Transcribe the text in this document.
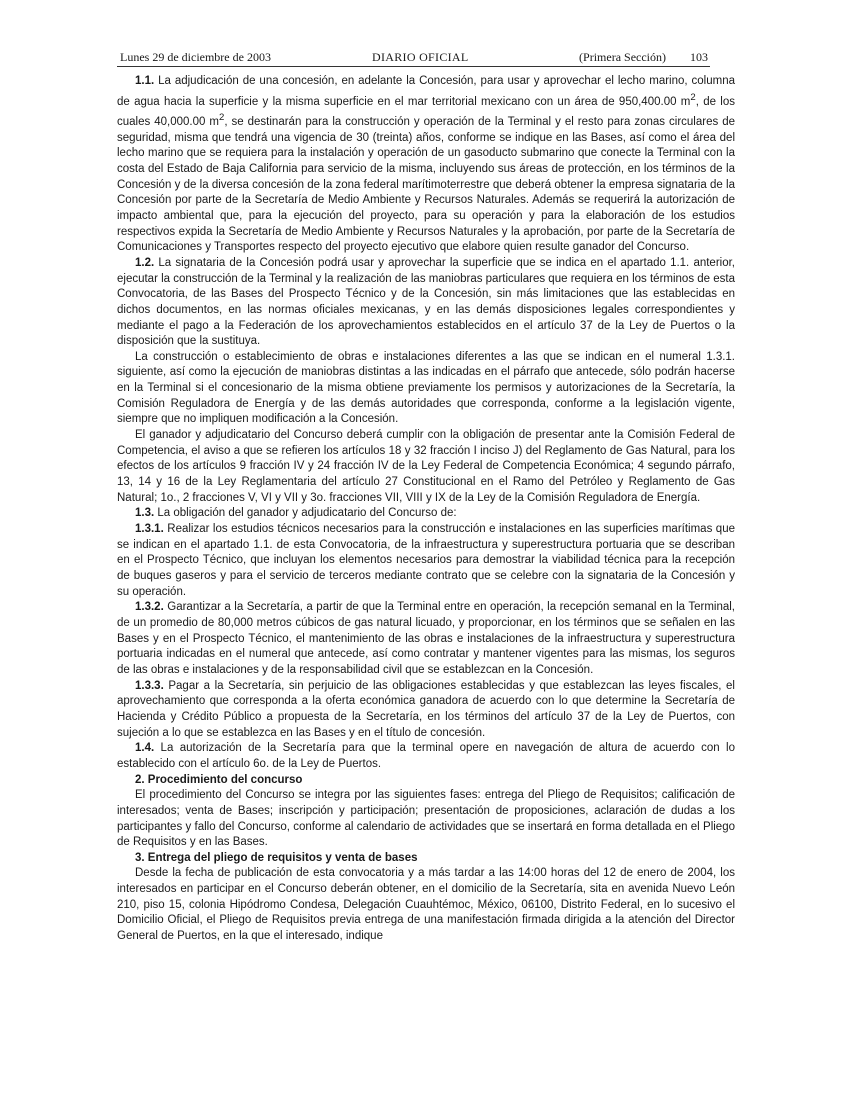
Lunes 29 de diciembre de 2003	DIARIO OFICIAL	(Primera Sección) 103

1.1. La adjudicación de una concesión, en adelante la Concesión, para usar y aprovechar el lecho marino, columna de agua hacia la superficie y la misma superficie en el mar territorial mexicano con un área de 950,400.00 $m^2$, de los cuales 40,000.00 $m^2$, se destinarán para la construcción y operación de la Terminal y el resto para zonas circulares de seguridad, misma que tendrá una vigencia de 30 (treinta) años, conforme se indique en las Bases, así como el área del lecho marino que se requiera para la instalación y operación de un gasoducto submarino que conecte la Terminal con la costa del Estado de Baja California para servicio de la misma, incluyendo sus áreas de protección, en los términos de la Concesión y de la diversa concesión de la zona federal marítimoterrestre que deberá obtener la empresa signataria de la Concesión por parte de la Secretaría de Medio Ambiente y Recursos Naturales. Además se requerirá la autorización de impacto ambiental que, para la ejecución del proyecto, para su operación y para la elaboración de los estudios respectivos expida la Secretaría de Medio Ambiente y Recursos Naturales y la aprobación, por parte de la Secretaría de Comunicaciones y Transportes respecto del proyecto ejecutivo que elabore quien resulte ganador del Concurso.

1.2. La signataria de la Concesión podrá usar y aprovechar la superficie que se indica en el apartado 1.1. anterior, ejecutar la construcción de la Terminal y la realización de las maniobras particulares que requiera en los términos de esta Convocatoria, de las Bases del Prospecto Técnico y de la Concesión, sin más limitaciones que las establecidas en dichos documentos, en las normas oficiales mexicanas, y en las demás disposiciones legales correspondientes y mediante el pago a la Federación de los aprovechamientos establecidos en el artículo 37 de la Ley de Puertos o la disposición que la sustituya.

La construcción o establecimiento de obras e instalaciones diferentes a las que se indican en el numeral 1.3.1. siguiente, así como la ejecución de maniobras distintas a las indicadas en el párrafo que antecede, sólo podrán hacerse en la Terminal si el concesionario de la misma obtiene previamente los permisos y autorizaciones de la Secretaría, la Comisión Reguladora de Energía y de las demás autoridades que corresponda, conforme a la legislación vigente, siempre que no impliquen modificación a la Concesión.

El ganador y adjudicatario del Concurso deberá cumplir con la obligación de presentar ante la Comisión Federal de Competencia, el aviso a que se refieren los artículos 18 y 32 fracción I inciso J) del Reglamento de Gas Natural, para los efectos de los artículos 9 fracción IV y 24 fracción IV de la Ley Federal de Competencia Económica; 4 segundo párrafo, 13, 14 y 16 de la Ley Reglamentaria del artículo 27 Constitucional en el Ramo del Petróleo y Reglamento de Gas Natural; 1o., 2 fracciones V, VI y VII y 3o. fracciones VII, VIII y IX de la Ley de la Comisión Reguladora de Energía.

1.3. La obligación del ganador y adjudicatario del Concurso de:

1.3.1. Realizar los estudios técnicos necesarios para la construcción e instalaciones en las superficies marítimas que se indican en el apartado 1.1. de esta Convocatoria, de la infraestructura y superestructura portuaria que se describan en el Prospecto Técnico, que incluyan los elementos necesarios para demostrar la viabilidad técnica para la recepción de buques gaseros y para el servicio de terceros mediante contrato que se celebre con la signataria de la Concesión y su operación.

1.3.2. Garantizar a la Secretaría, a partir de que la Terminal entre en operación, la recepción semanal en la Terminal, de un promedio de 80,000 metros cúbicos de gas natural licuado, y proporcionar, en los términos que se señalen en las Bases y en el Prospecto Técnico, el mantenimiento de las obras e instalaciones de la infraestructura y superestructura portuaria indicadas en el numeral que antecede, así como contratar y mantener vigentes para las mismas, los seguros de las obras e instalaciones y de la responsabilidad civil que se establezcan en la Concesión.

1.3.3. Pagar a la Secretaría, sin perjuicio de las obligaciones establecidas y que establezcan las leyes fiscales, el aprovechamiento que corresponda a la oferta económica ganadora de acuerdo con lo que determine la Secretaría de Hacienda y Crédito Público a propuesta de la Secretaría, en los términos del artículo 37 de la Ley de Puertos, con sujeción a lo que se establezca en las Bases y en el título de concesión.

1.4. La autorización de la Secretaría para que la terminal opere en navegación de altura de acuerdo con lo establecido con el artículo 6o. de la Ley de Puertos.

2. Procedimiento del concurso

El procedimiento del Concurso se integra por las siguientes fases: entrega del Pliego de Requisitos; calificación de interesados; venta de Bases; inscripción y participación; presentación de proposiciones, aclaración de dudas a los participantes y fallo del Concurso, conforme al calendario de actividades que se insertará en forma detallada en el Pliego de Requisitos y en las Bases.

3. Entrega del pliego de requisitos y venta de bases

Desde la fecha de publicación de esta convocatoria y a más tardar a las 14:00 horas del 12 de enero de 2004, los interesados en participar en el Concurso deberán obtener, en el domicilio de la Secretaría, sita en avenida Nuevo León 210, piso 15, colonia Hipódromo Condesa, Delegación Cuauhtémoc, México, 06100, Distrito Federal, en lo sucesivo el Domicilio Oficial, el Pliego de Requisitos previa entrega de una manifestación firmada dirigida a la atención del Director General de Puertos, en la que el interesado, indique
